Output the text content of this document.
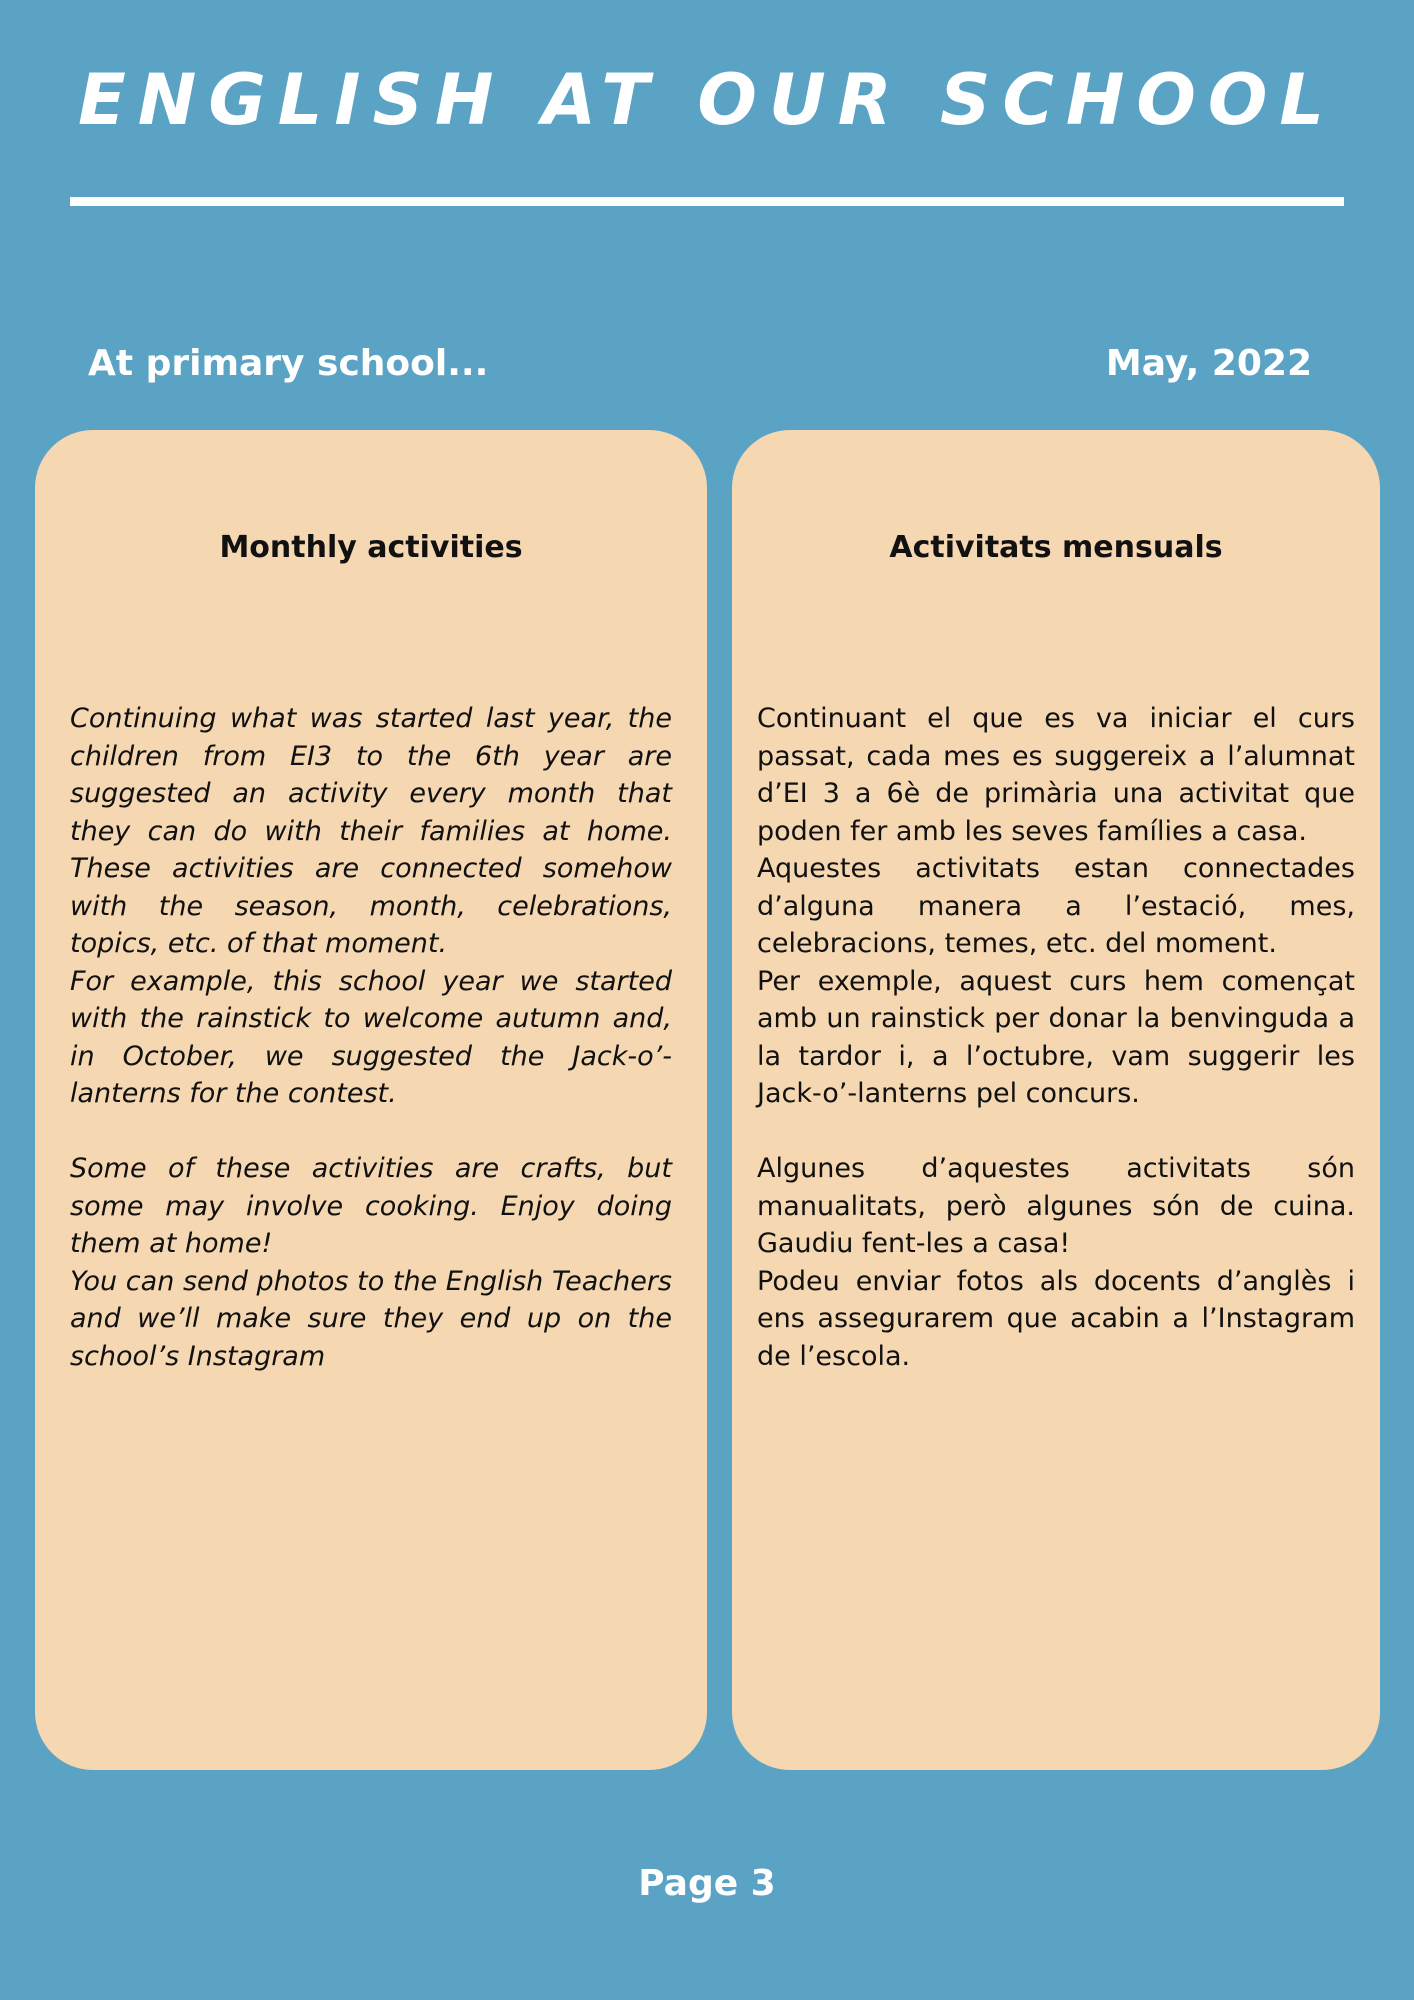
ENGLISH AT OUR SCHOOL
At primary school...	May, 2022
Monthly activities

Continuing what was started last year, the children from EI3 to the 6th year are suggested an activity every month that they can do with their families at home. These activities are connected somehow with the season, month, celebrations, topics, etc. of that moment.

For example, this school year we started with the rainstick to welcome autumn and, in October, we suggested the Jack-o’-lanterns for the contest.

Some of these activities are crafts, but some may involve cooking. Enjoy doing them at home!

You can send photos to the English Teachers and we’ll make sure they end up on the school’s Instagram

Activitats mensuals

Continuant el que es va iniciar el curs passat, cada mes es suggereix a l’alumnat d’EI 3 a 6è de primària una activitat que poden fer amb les seves famílies a casa.

Aquestes activitats estan connectades d’alguna manera a l’estació, mes, celebracions, temes, etc. del moment.

Per exemple, aquest curs hem començat amb un rainstick per donar la benvinguda a la tardor i, a l’octubre, vam suggerir les Jack-o’-lanterns pel concurs.

Algunes d’aquestes activitats són manualitats, però algunes són de cuina. Gaudiu fent-les a casa!

Podeu enviar fotos als docents d’anglès i ens assegurarem que acabin a l’Instagram de l’escola.

Page 3
